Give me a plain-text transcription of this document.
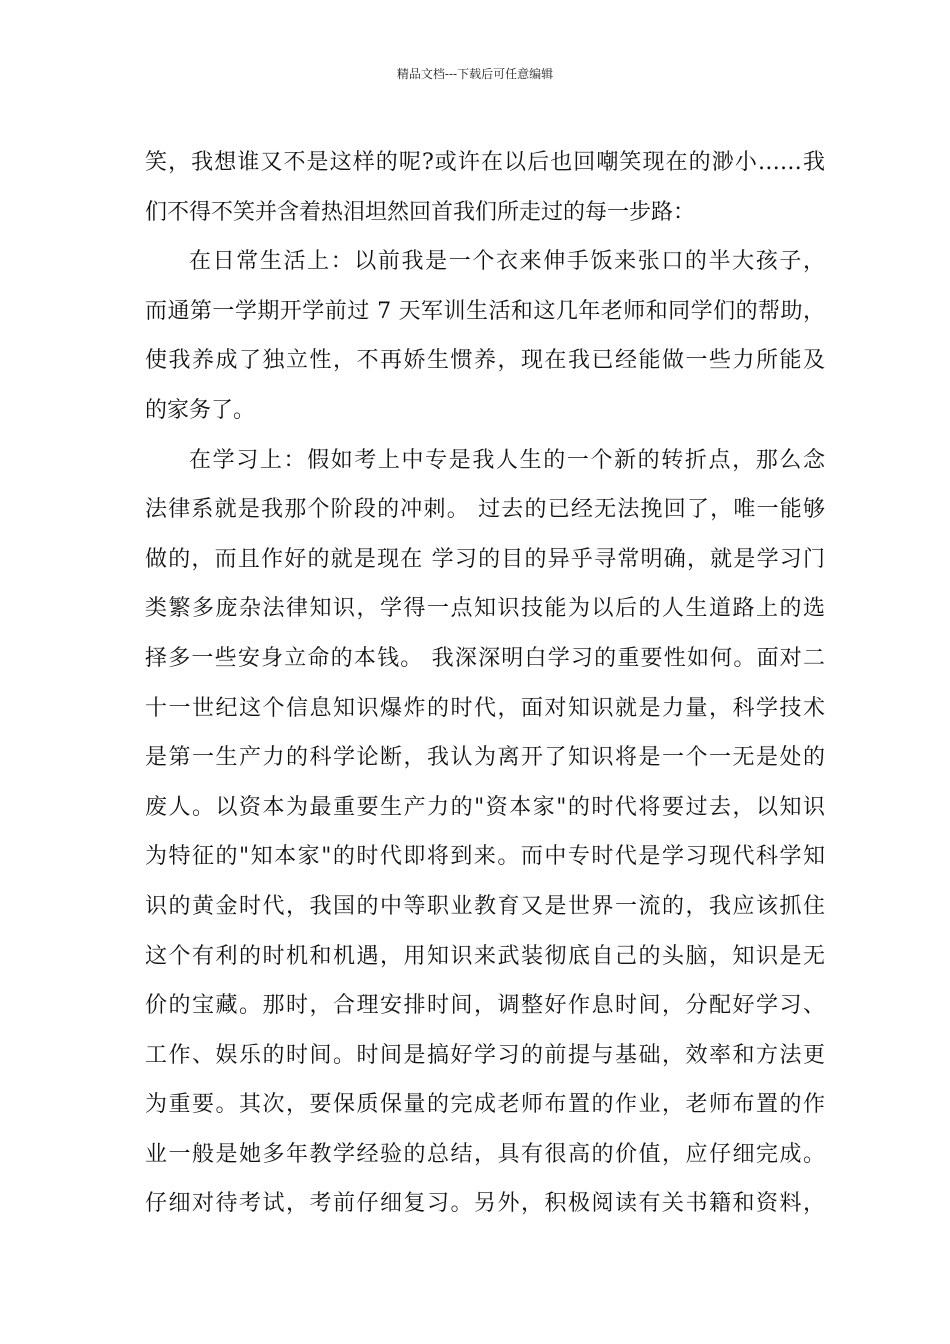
精品文档---下载后可任意编辑
笑，我想谁又不是这样的呢?或许在以后也回嘲笑现在的渺小……我
们不得不笑并含着热泪坦然回首我们所走过的每一步路：
在日常生活上：以前我是一个衣来伸手饭来张口的半大孩子，
而通第一学期开学前过 7 天军训生活和这几年老师和同学们的帮助，
使我养成了独立性，不再娇生惯养，现在我已经能做一些力所能及
的家务了。
在学习上：假如考上中专是我人生的一个新的转折点，那么念
法律系就是我那个阶段的冲刺。 过去的已经无法挽回了，唯一能够
做的，而且作好的就是现在 学习的目的异乎寻常明确，就是学习门
类繁多庞杂法律知识，学得一点知识技能为以后的人生道路上的选
择多一些安身立命的本钱。 我深深明白学习的重要性如何。面对二
十一世纪这个信息知识爆炸的时代，面对知识就是力量，科学技术
是第一生产力的科学论断，我认为离开了知识将是一个一无是处的
废人。以资本为最重要生产力的"资本家"的时代将要过去，以知识
为特征的"知本家"的时代即将到来。而中专时代是学习现代科学知
识的黄金时代，我国的中等职业教育又是世界一流的，我应该抓住
这个有利的时机和机遇，用知识来武装彻底自己的头脑，知识是无
价的宝藏。那时，合理安排时间，调整好作息时间，分配好学习、
工作、娱乐的时间。时间是搞好学习的前提与基础，效率和方法更
为重要。其次，要保质保量的完成老师布置的作业，老师布置的作
业一般是她多年教学经验的总结，具有很高的价值，应仔细完成。
仔细对待考试，考前仔细复习。另外，积极阅读有关书籍和资料，
